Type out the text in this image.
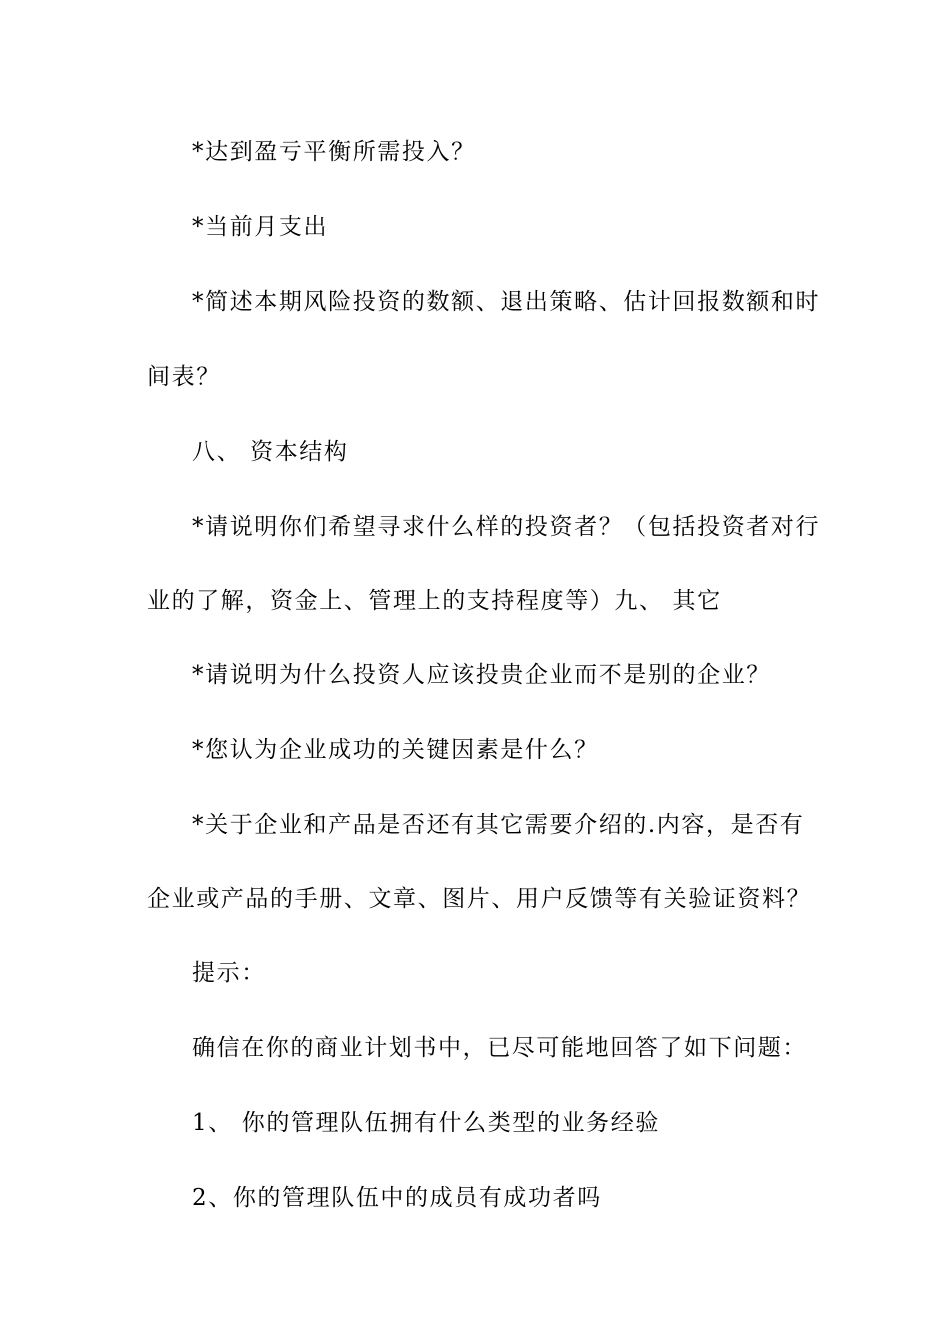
*达到盈亏平衡所需投入？
*当前月支出
*简述本期风险投资的数额、退出策略、估计回报数额和时
间表？
八、 资本结构
*请说明你们希望寻求什么样的投资者？（包括投资者对行
业的了解，资金上、管理上的支持程度等）九、 其它
*请说明为什么投资人应该投贵企业而不是别的企业？
*您认为企业成功的关键因素是什么？
*关于企业和产品是否还有其它需要介绍的.内容，是否有
企业或产品的手册、文章、图片、用户反馈等有关验证资料？
提示：
确信在你的商业计划书中，已尽可能地回答了如下问题：
1、 你的管理队伍拥有什么类型的业务经验
2、你的管理队伍中的成员有成功者吗
